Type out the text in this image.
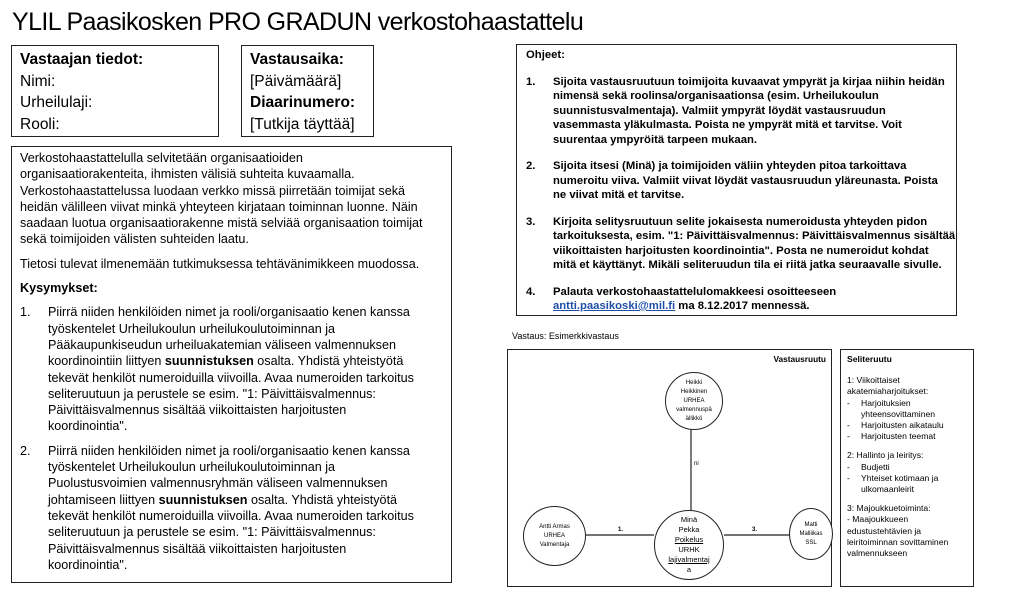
YLIL Paasikosken PRO GRADUN verkostohaastattelu
Vastaajan tiedot:
Nimi:
Urheilulaji:
Rooli:
Vastausaika:
[Päivämäärä]
Diaarinumero:
[Tutkija täyttää]

Verkostohaastattelulla selvitetään organisaatioiden
organisaatiorakenteita, ihmisten välisiä suhteita kuvaamalla.
Verkostohaastattelussa luodaan verkko missä piirretään toimijat sekä
heidän välilleen viivat minkä yhteyteen kirjataan toiminnan luonne. Näin
saadaan luotua organisaatiorakenne mistä selviää organisaation toimijat
sekä toimijoiden välisten suhteiden laatu.

Tietosi tulevat ilmenemään tutkimuksessa tehtävänimikkeen muodossa.

Kysymykset:

1.	Piirrä niiden henkilöiden nimet ja rooli/organisaatio kenen kanssa
työskentelet Urheilukoulun urheilukoulutoiminnan ja
Pääkaupunkiseudun urheiluakatemian väliseen valmennuksen
koordinointiin liittyen suunnistuksen osalta. Yhdistä yhteistyötä
tekevät henkilöt numeroiduilla viivoilla. Avaa numeroiden tarkoitus
seliteruutuun ja perustele se esim. "1: Päivittäisvalmennus:
Päivittäisvalmennus sisältää viikoittaisten harjoitusten
koordinointia".
2.	Piirrä niiden henkilöiden nimet ja rooli/organisaatio kenen kanssa
työskentelet Urheilukoulun urheilukoulutoiminnan ja
Puolustusvoimien valmennusryhmän väliseen valmennuksen
johtamiseen liittyen suunnistuksen osalta. Yhdistä yhteistyötä
tekevät henkilöt numeroiduilla viivoilla. Avaa numeroiden tarkoitus
seliteruutuun ja perustele se esim. "1: Päivittäisvalmennus:
Päivittäisvalmennus sisältää viikoittaisten harjoitusten
koordinointia".
Ohjeet:
1.	Sijoita vastausruutuun toimijoita kuvaavat ympyrät ja kirjaa niihin heidän
nimensä sekä roolinsa/organisaationsa (esim. Urheilukoulun
suunnistusvalmentaja). Valmiit ympyrät löydät vastausruudun
vasemmasta yläkulmasta. Poista ne ympyrät mitä et tarvitse. Voit
suurentaa ympyröitä tarpeen mukaan.
2.	Sijoita itsesi (Minä) ja toimijoiden väliin yhteyden pitoa tarkoittava
numeroitu viiva. Valmiit viivat löydät vastausruudun yläreunasta. Poista
ne viivat mitä et tarvitse.
3.	Kirjoita selitysruutuun selite jokaisesta numeroidusta yhteyden pidon
tarkoituksesta, esim. "1: Päivittäisvalmennus: Päivittäisvalmennus sisältää
viikoittaisten harjoitusten koordinointia". Posta ne numeroidut kohdat
mitä et käyttänyt. Mikäli seliteruudun tila ei riitä jatka seuraavalle sivulle.
4.	Palauta verkostohaastattelulomakkeesi osoitteeseen
antti.paasikoski@mil.fi ma 8.12.2017 mennessä.
Vastaus: Esimerkkivastaus
Vastausruutu
ni
1.	3.
Heikki
Heikkinen
URHEA
valmennuspä
ällikkö
Antti Armas
URHEA
Valmentaja
Minä
Pekka
Poikelus
URHK
lajivalmentaj
a
Matti
Malliikas
SSL
Seliteruutu
1: Viikoittaiset akatemiaharjoitukset:
-	Harjoituksien yhteensovittaminen
-	Harjoitusten aikataulu
-	Harjoitusten teemat
2: Hallinto ja leiritys:
-	Budjetti
-	Yhteiset kotimaan ja ulkomaanleirit
3: Majoukkuetoiminta:
- Maajoukkueen edustustehtävien ja leiritoiminnan sovittaminen valmennukseen
